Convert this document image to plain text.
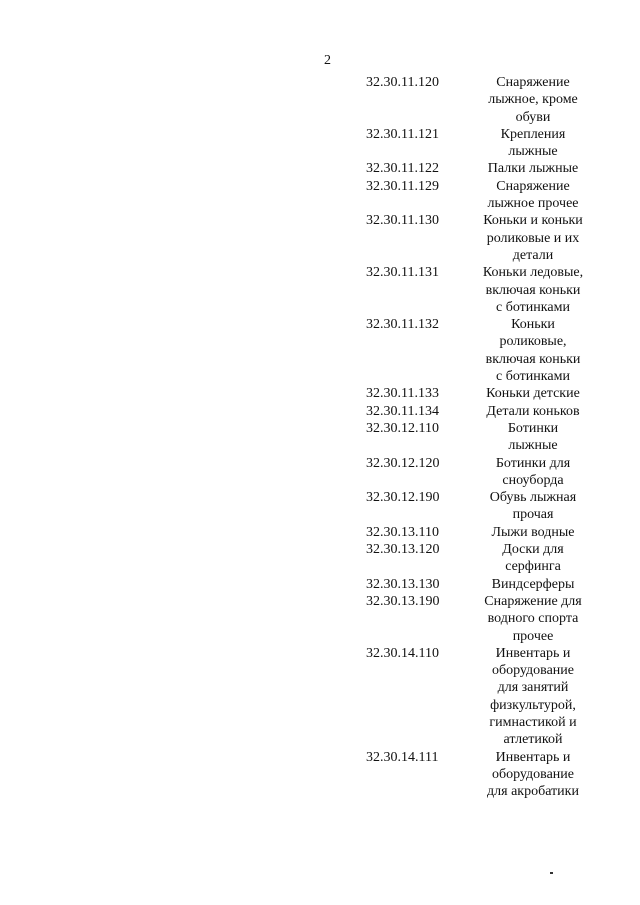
2
32.30.11.120	Снаряжение
лыжное, кроме
обуви
32.30.11.121	Крепления
лыжные
32.30.11.122	Палки лыжные
32.30.11.129	Снаряжение
лыжное прочее
32.30.11.130	Коньки и коньки
роликовые и их
детали
32.30.11.131	Коньки ледовые,
включая коньки
с ботинками
32.30.11.132	Коньки
роликовые,
включая коньки
с ботинками
32.30.11.133	Коньки детские
32.30.11.134	Детали коньков
32.30.12.110	Ботинки
лыжные
32.30.12.120	Ботинки для
сноуборда
32.30.12.190	Обувь лыжная
прочая
32.30.13.110	Лыжи водные
32.30.13.120	Доски для
серфинга
32.30.13.130	Виндсерферы
32.30.13.190	Снаряжение для
водного спорта
прочее
32.30.14.110	Инвентарь и
оборудование
для занятий
физкультурой,
гимнастикой и
атлетикой
32.30.14.111	Инвентарь и
оборудование
для акробатики
